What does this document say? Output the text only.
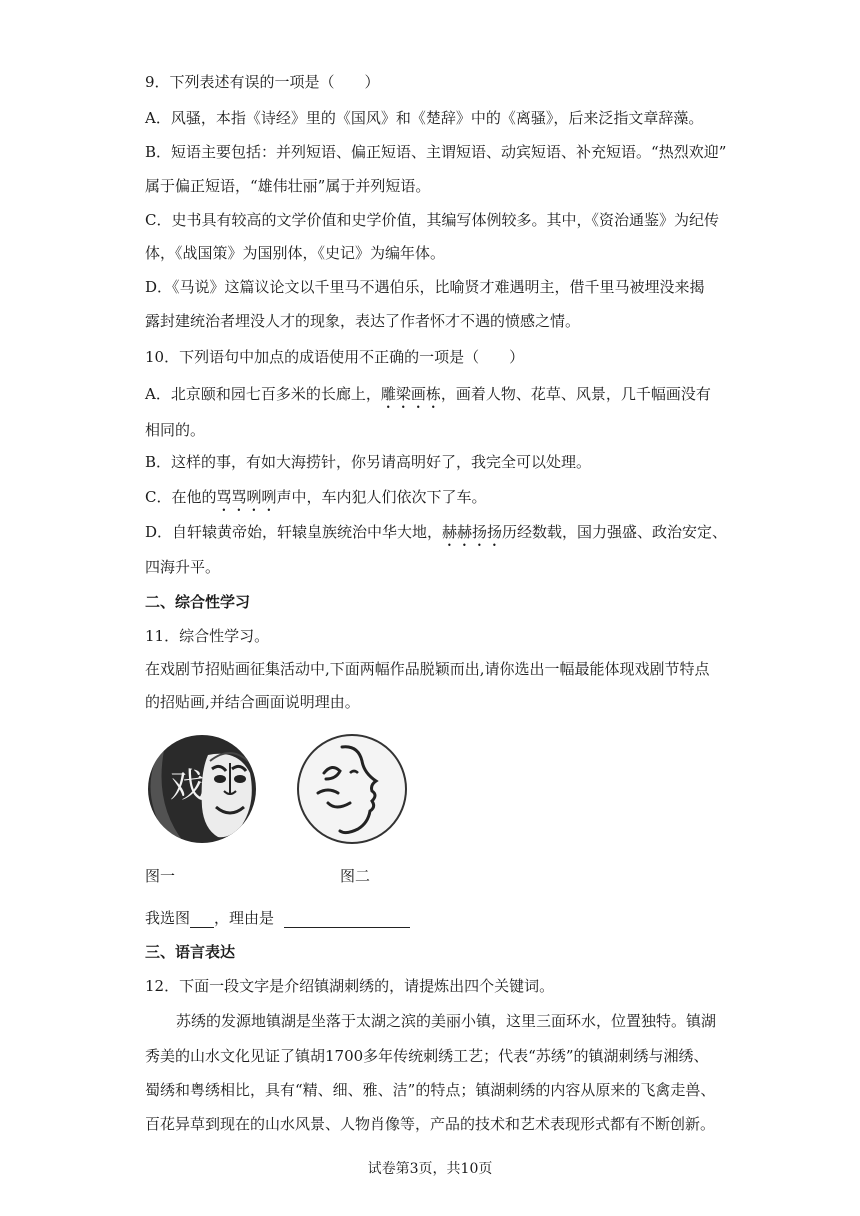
9．下列表述有误的一项是（　　）
A．风骚，本指《诗经》里的《国风》和《楚辞》中的《离骚》，后来泛指文章辞藻。
B．短语主要包括：并列短语、偏正短语、主谓短语、动宾短语、补充短语。“热烈欢迎”
属于偏正短语，“雄伟壮丽”属于并列短语。
C．史书具有较高的文学价值和史学价值，其编写体例较多。其中，《资治通鉴》为纪传
体，《战国策》为国别体，《史记》为编年体。
D．《马说》这篇议论文以千里马不遇伯乐，比喻贤才难遇明主，借千里马被埋没来揭
露封建统治者埋没人才的现象，表达了作者怀才不遇的愤感之情。
10．下列语句中加点的成语使用不正确的一项是（　　）
A．北京颐和园七百多米的长廊上，雕梁画栋，画着人物、花草、风景，几千幅画没有
相同的。
B．这样的事，有如大海捞针，你另请高明好了，我完全可以处理。
C．在他的骂骂咧咧声中，车内犯人们依次下了车。
D．自轩辕黄帝始，轩辕皇族统治中华大地，赫赫扬扬历经数载，国力强盛、政治安定、
四海升平。
二、综合性学习
11．综合性学习。
在戏剧节招贴画征集活动中,下面两幅作品脱颖而出,请你选出一幅最能体现戏剧节特点
的招贴画,并结合画面说明理由。
戏
图一	图二
我选图 ，理由是
三、语言表达
12．下面一段文字是介绍镇湖刺绣的，请提炼出四个关键词。
苏绣的发源地镇湖是坐落于太湖之滨的美丽小镇，这里三面环水，位置独特。镇湖
秀美的山水文化见证了镇胡1700多年传统刺绣工艺；代表“苏绣”的镇湖刺绣与湘绣、
蜀绣和粤绣相比，具有“精、细、雅、洁”的特点；镇湖刺绣的内容从原来的飞禽走兽、
百花异草到现在的山水风景、人物肖像等，产品的技术和艺术表现形式都有不断创新。
试卷第3页，共10页
